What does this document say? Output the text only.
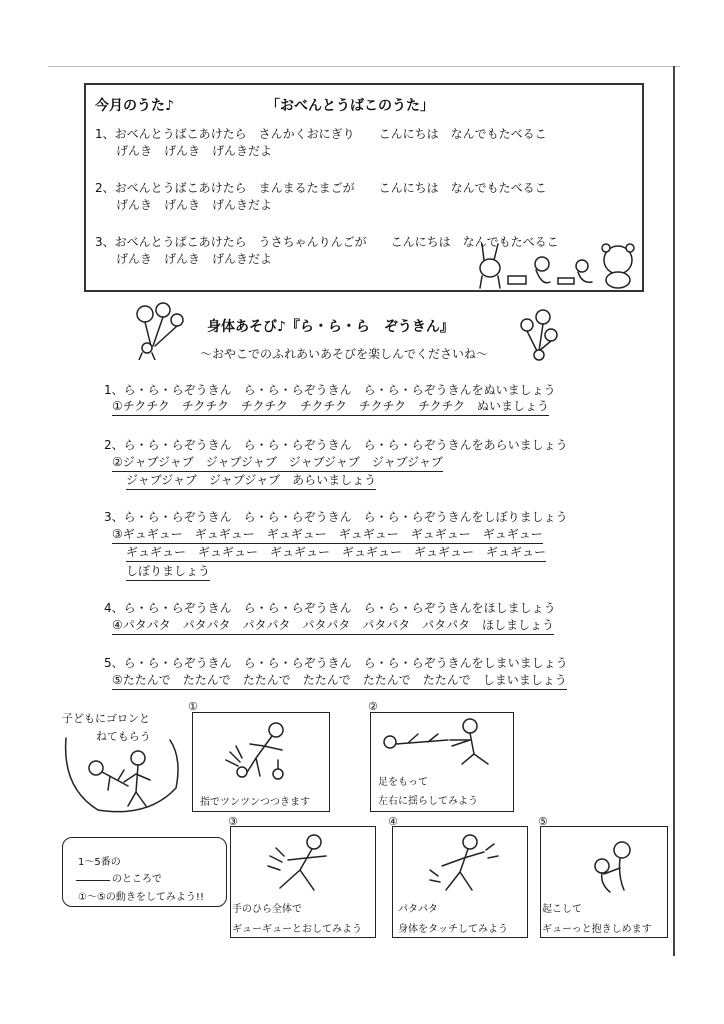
今月のうた♪	「おべんとうばこのうた」
1、おべんとうばこあけたら　さんかくおにぎり　　こんにちは　なんでもたべるこ
げんき　げんき　げんきだよ
2、おべんとうばこあけたら　まんまるたまごが　　こんにちは　なんでもたべるこ
げんき　げんき　げんきだよ
3、おべんとうばこあけたら　うさちゃんりんごが　　こんにちは　なんでもたべるこ
げんき　げんき　げんきだよ
身体あそび♪『ら・ら・ら　ぞうきん』
～おやこでのふれあいあそびを楽しんでくださいね～
1、ら・ら・らぞうきん　ら・ら・らぞうきん　ら・ら・らぞうきんをぬいましょう
①チクチク　チクチク　チクチク　チクチク　チクチク　チクチク　ぬいましょう
2、ら・ら・らぞうきん　ら・ら・らぞうきん　ら・ら・らぞうきんをあらいましょう
②ジャブジャブ　ジャブジャブ　ジャブジャブ　ジャブジャブ
ジャブジャブ　ジャブジャブ　あらいましょう
3、ら・ら・らぞうきん　ら・ら・らぞうきん　ら・ら・らぞうきんをしぼりましょう
③ギュギュー　ギュギュー　ギュギュー　ギュギュー　ギュギュー　ギュギュー
ギュギュー　ギュギュー　ギュギュー　ギュギュー　ギュギュー　ギュギュー
しぼりましょう
4、ら・ら・らぞうきん　ら・ら・らぞうきん　ら・ら・らぞうきんをほしましょう
④パタパタ　パタパタ　パタパタ　パタパタ　パタパタ　パタパタ　ほしましょう
5、ら・ら・らぞうきん　ら・ら・らぞうきん　ら・ら・らぞうきんをしまいましょう
⑤たたんで　たたんで　たたんで　たたんで　たたんで　たたんで　しまいましょう
子どもにゴロンと
ねてもらう
①
指でツンツンつつきます
②
足をもって
左右に揺らしてみよう
1～5番の
のところで
①～⑤の動きをしてみよう!!
③
手のひら全体で
ギューギューとおしてみよう
④
パタパタ
身体をタッチしてみよう
⑤
起こして
ギューっと抱きしめます
